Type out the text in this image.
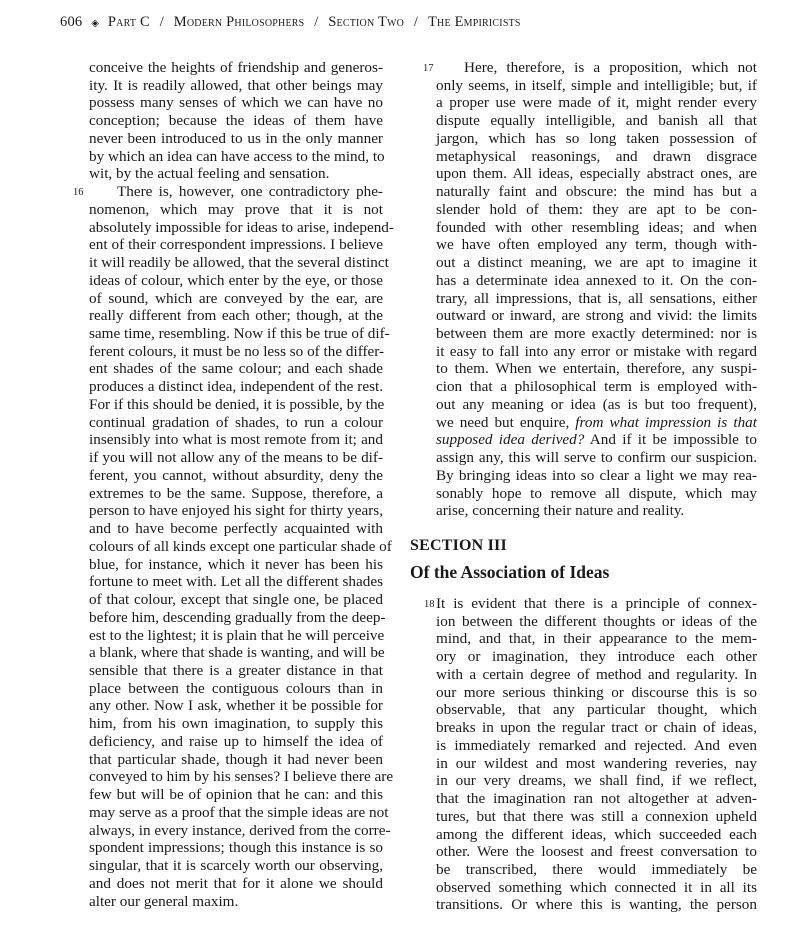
606 ◈ Part C / Modern Philosophers / Section Two / The Empiricists
conceive the heights of friendship and generos-
ity. It is readily allowed, that other beings may
possess many senses of which we can have no
conception; because the ideas of them have
never been introduced to us in the only manner
by which an idea can have access to the mind, to
wit, by the actual feeling and sensation.
There is, however, one contradictory phe-
16
nomenon, which may prove that it is not
absolutely impossible for ideas to arise, independ-
ent of their correspondent impressions. I believe
it will readily be allowed, that the several distinct
ideas of colour, which enter by the eye, or those
of sound, which are conveyed by the ear, are
really different from each other; though, at the
same time, resembling. Now if this be true of dif-
ferent colours, it must be no less so of the differ-
ent shades of the same colour; and each shade
produces a distinct idea, independent of the rest.
For if this should be denied, it is possible, by the
continual gradation of shades, to run a colour
insensibly into what is most remote from it; and
if you will not allow any of the means to be dif-
ferent, you cannot, without absurdity, deny the
extremes to be the same. Suppose, therefore, a
person to have enjoyed his sight for thirty years,
and to have become perfectly acquainted with
colours of all kinds except one particular shade of
blue, for instance, which it never has been his
fortune to meet with. Let all the different shades
of that colour, except that single one, be placed
before him, descending gradually from the deep-
est to the lightest; it is plain that he will perceive
a blank, where that shade is wanting, and will be
sensible that there is a greater distance in that
place between the contiguous colours than in
any other. Now I ask, whether it be possible for
him, from his own imagination, to supply this
deficiency, and raise up to himself the idea of
that particular shade, though it had never been
conveyed to him by his senses? I believe there are
few but will be of opinion that he can: and this
may serve as a proof that the simple ideas are not
always, in every instance, derived from the corre-
spondent impressions; though this instance is so
singular, that it is scarcely worth our observing,
and does not merit that for it alone we should
alter our general maxim.
Here, therefore, is a proposition, which not
17
only seems, in itself, simple and intelligible; but, if
a proper use were made of it, might render every
dispute equally intelligible, and banish all that
jargon, which has so long taken possession of
metaphysical reasonings, and drawn disgrace
upon them. All ideas, especially abstract ones, are
naturally faint and obscure: the mind has but a
slender hold of them: they are apt to be con-
founded with other resembling ideas; and when
we have often employed any term, though with-
out a distinct meaning, we are apt to imagine it
has a determinate idea annexed to it. On the con-
trary, all impressions, that is, all sensations, either
outward or inward, are strong and vivid: the limits
between them are more exactly determined: nor is
it easy to fall into any error or mistake with regard
to them. When we entertain, therefore, any suspi-
cion that a philosophical term is employed with-
out any meaning or idea (as is but too frequent),
we need but enquire, from what impression is that
supposed idea derived? And if it be impossible to
assign any, this will serve to confirm our suspicion.
By bringing ideas into so clear a light we may rea-
sonably hope to remove all dispute, which may
arise, concerning their nature and reality.
SECTION III
Of the Association of Ideas
It is evident that there is a principle of connex-
18
ion between the different thoughts or ideas of the
mind, and that, in their appearance to the mem-
ory or imagination, they introduce each other
with a certain degree of method and regularity. In
our more serious thinking or discourse this is so
observable, that any particular thought, which
breaks in upon the regular tract or chain of ideas,
is immediately remarked and rejected. And even
in our wildest and most wandering reveries, nay
in our very dreams, we shall find, if we reflect,
that the imagination ran not altogether at adven-
tures, but that there was still a connexion upheld
among the different ideas, which succeeded each
other. Were the loosest and freest conversation to
be transcribed, there would immediately be
observed something which connected it in all its
transitions. Or where this is wanting, the person
